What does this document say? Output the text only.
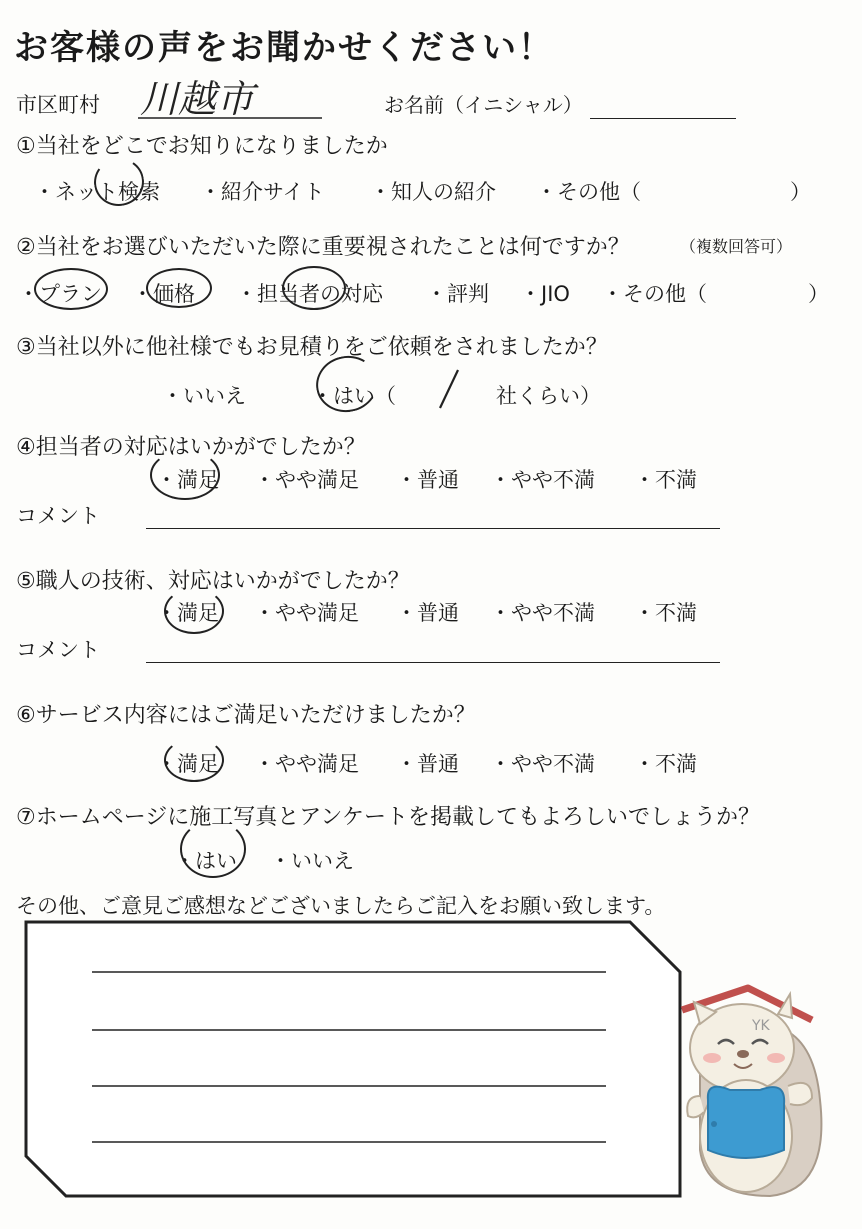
お客様の声をお聞かせください！
市区町村 川越市	お名前（イニシャル）
①当社をどこでお知りになりましたか
・ネット検索 ・紹介サイト ・知人の紹介 ・その他（	）
②当社をお選びいただいた際に重要視されたことは何ですか？	（複数回答可）
・プラン ・価格 ・担当者の対応 ・評判 ・JIO ・その他（	）
③当社以外に他社様でもお見積りをご依頼をされましたか？
・いいえ	・はい（	社くらい）
④担当者の対応はいかがでしたか？
・満足 ・やや満足 ・普通 ・やや不満 ・不満
コメント
⑤職人の技術、対応はいかがでしたか？
・満足 ・やや満足 ・普通 ・やや不満 ・不満
コメント
⑥サービス内容にはご満足いただけましたか？
・満足 ・やや満足 ・普通 ・やや不満 ・不満
⑦ホームページに施工写真とアンケートを掲載してもよろしいでしょうか？
・はい ・いいえ
その他、ご意見ご感想などございましたらご記入をお願い致します。
YK
